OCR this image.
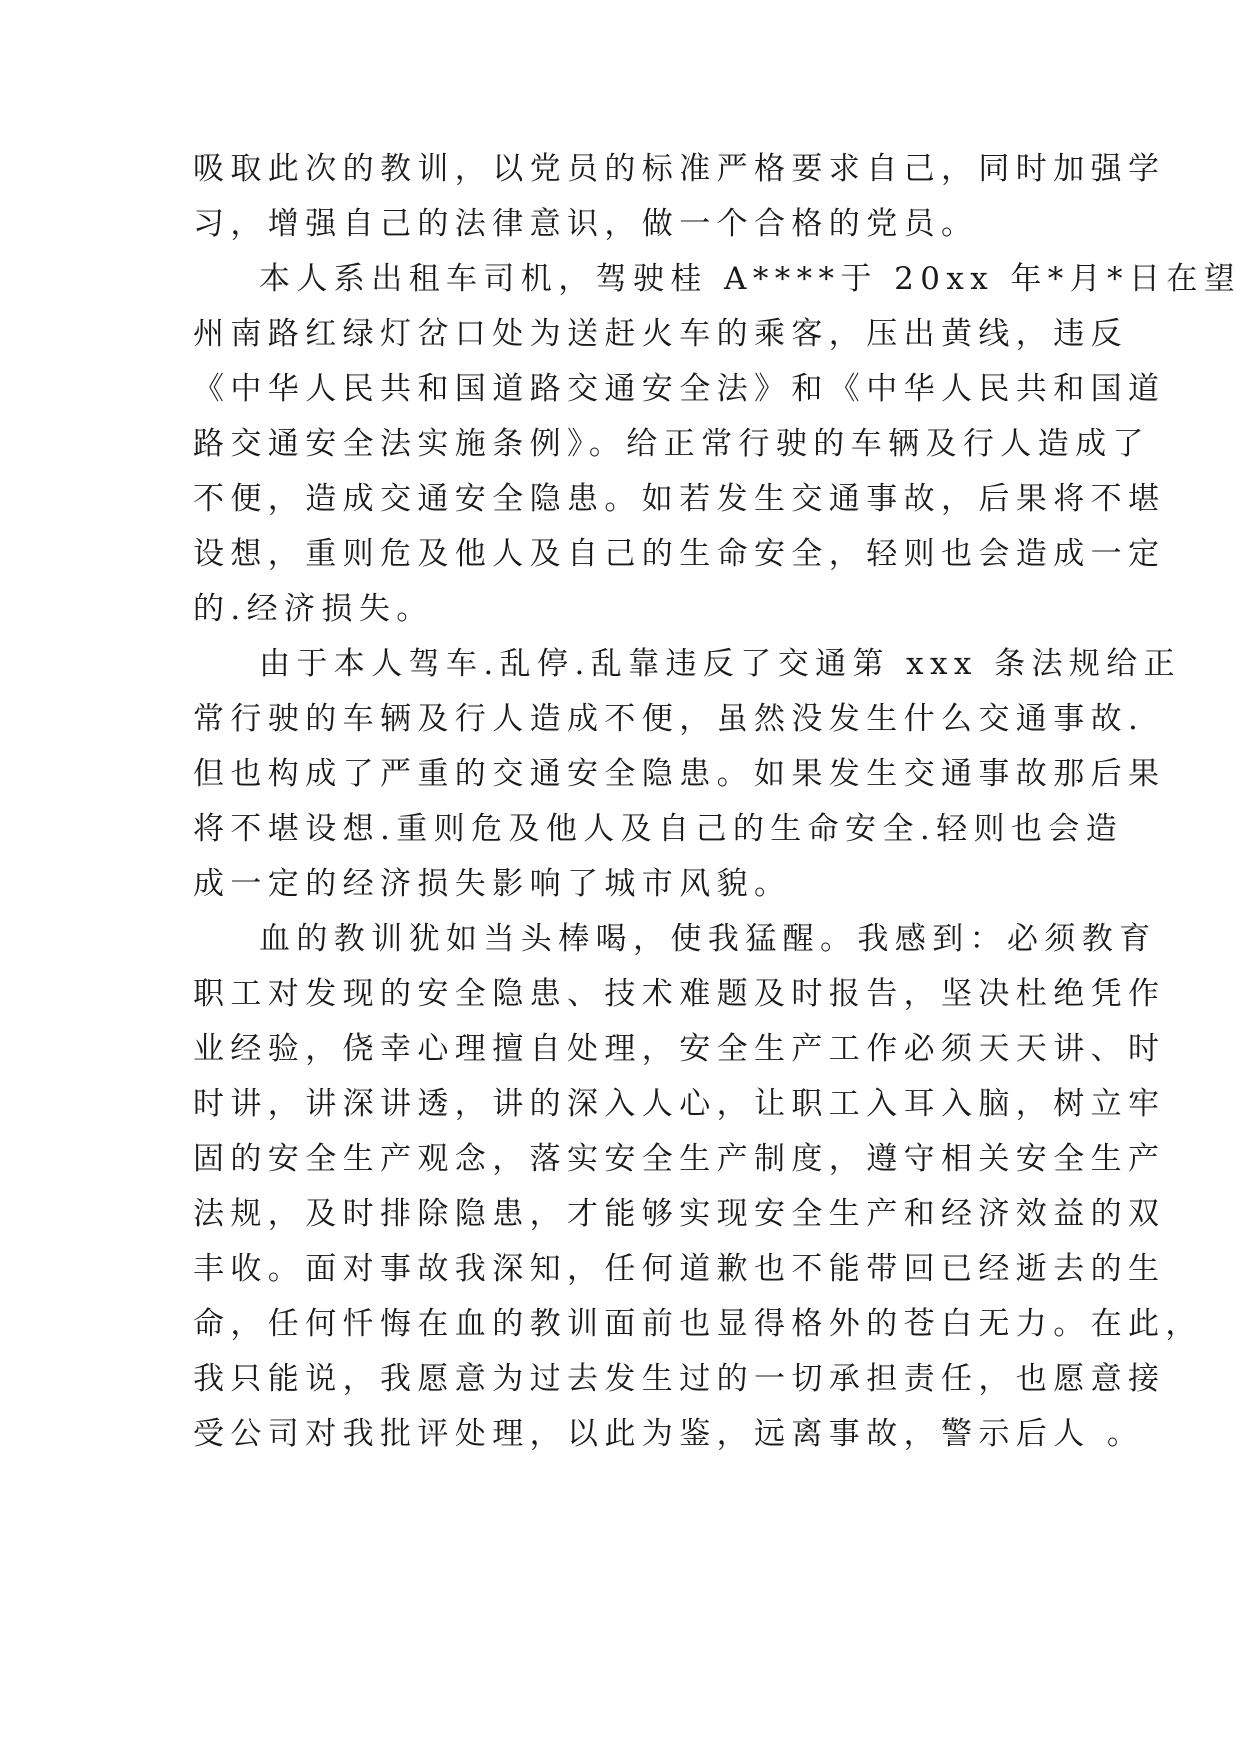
吸取此次的教训，以党员的标准严格要求自己，同时加强学
习，增强自己的法律意识，做一个合格的党员。
本人系出租车司机，驾驶桂 A****于 20xx 年*月*日在望
州南路红绿灯岔口处为送赶火车的乘客，压出黄线，违反
《中华人民共和国道路交通安全法》和《中华人民共和国道
路交通安全法实施条例》。给正常行驶的车辆及行人造成了
不便，造成交通安全隐患。如若发生交通事故，后果将不堪
设想，重则危及他人及自己的生命安全，轻则也会造成一定
的.经济损失。
由于本人驾车.乱停.乱靠违反了交通第 xxx 条法规给正
常行驶的车辆及行人造成不便，虽然没发生什么交通事故.
但也构成了严重的交通安全隐患。如果发生交通事故那后果
将不堪设想.重则危及他人及自己的生命安全.轻则也会造
成一定的经济损失影响了城市风貌。
血的教训犹如当头棒喝，使我猛醒。我感到：必须教育
职工对发现的安全隐患、技术难题及时报告，坚决杜绝凭作
业经验，侥幸心理擅自处理，安全生产工作必须天天讲、时
时讲，讲深讲透，讲的深入人心，让职工入耳入脑，树立牢
固的安全生产观念，落实安全生产制度，遵守相关安全生产
法规，及时排除隐患，才能够实现安全生产和经济效益的双
丰收。面对事故我深知，任何道歉也不能带回已经逝去的生
命，任何忏悔在血的教训面前也显得格外的苍白无力。在此，
我只能说，我愿意为过去发生过的一切承担责任，也愿意接
受公司对我批评处理，以此为鉴，远离事故，警示后人 。
